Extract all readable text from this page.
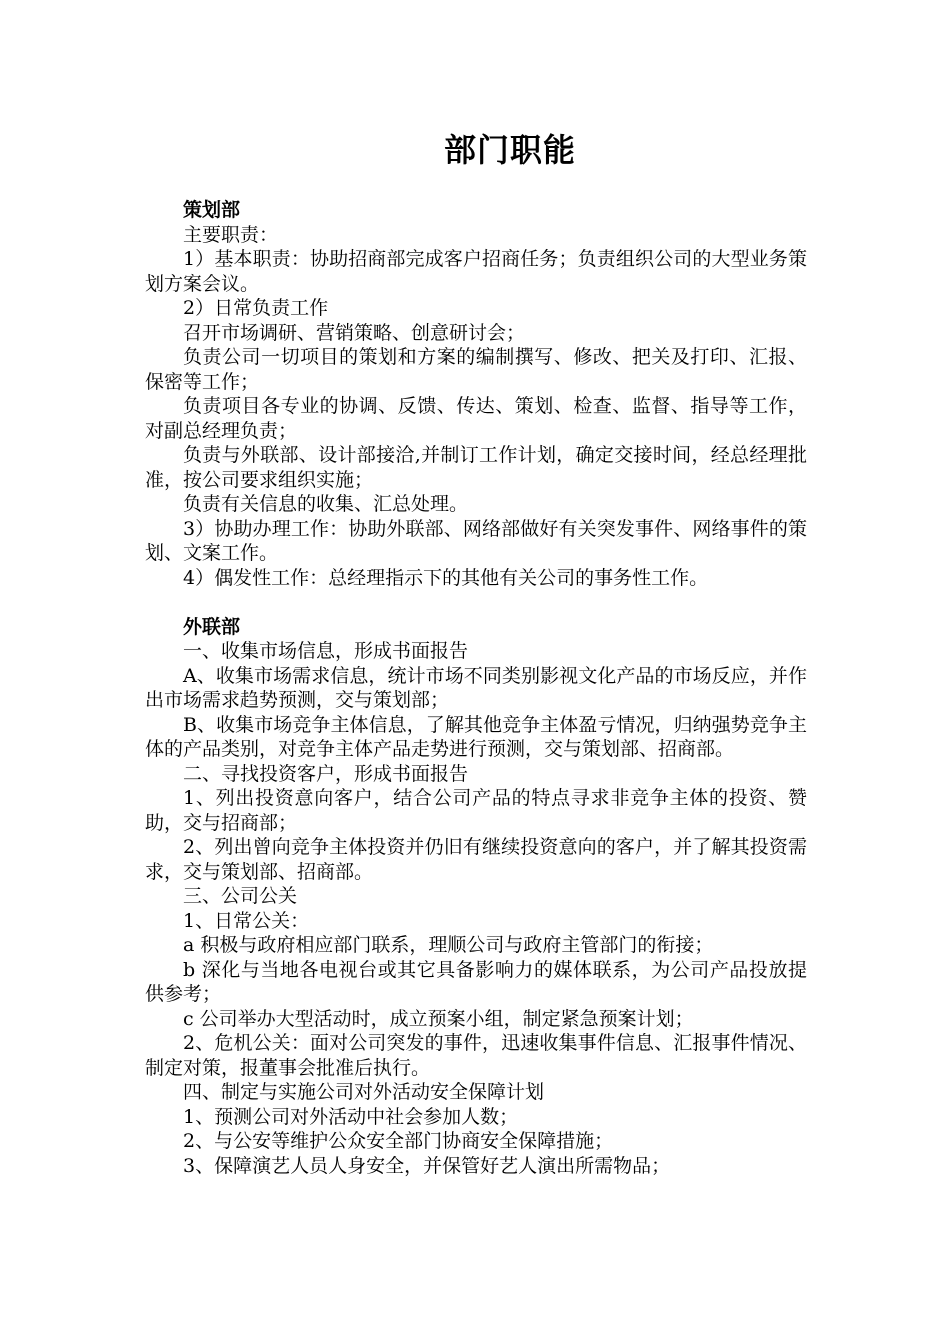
部门职能

策划部

主要职责：

1）基本职责：协助招商部完成客户招商任务；负责组织公司的大型业务策划方案会议。

2）日常负责工作

召开市场调研、营销策略、创意研讨会；

负责公司一切项目的策划和方案的编制撰写、修改、把关及打印、汇报、保密等工作；

负责项目各专业的协调、反馈、传达、策划、检查、监督、指导等工作，对副总经理负责；

负责与外联部、设计部接洽,并制订工作计划，确定交接时间，经总经理批准，按公司要求组织实施；

负责有关信息的收集、汇总处理。

3）协助办理工作：协助外联部、网络部做好有关突发事件、网络事件的策划、文案工作。

4）偶发性工作：总经理指示下的其他有关公司的事务性工作。

外联部

一、收集市场信息，形成书面报告

A、收集市场需求信息，统计市场不同类别影视文化产品的市场反应，并作出市场需求趋势预测，交与策划部；

B、收集市场竞争主体信息，了解其他竞争主体盈亏情况，归纳强势竞争主体的产品类别，对竞争主体产品走势进行预测，交与策划部、招商部。

二、寻找投资客户，形成书面报告

1、列出投资意向客户，结合公司产品的特点寻求非竞争主体的投资、赞助，交与招商部；

2、列出曾向竞争主体投资并仍旧有继续投资意向的客户，并了解其投资需求，交与策划部、招商部。

三、公司公关

1、日常公关：

a 积极与政府相应部门联系，理顺公司与政府主管部门的衔接；

b 深化与当地各电视台或其它具备影响力的媒体联系，为公司产品投放提供参考；

c 公司举办大型活动时，成立预案小组，制定紧急预案计划；

2、危机公关：面对公司突发的事件，迅速收集事件信息、汇报事件情况、制定对策，报董事会批准后执行。

四、制定与实施公司对外活动安全保障计划

1、预测公司对外活动中社会参加人数；

2、与公安等维护公众安全部门协商安全保障措施；

3、保障演艺人员人身安全，并保管好艺人演出所需物品；
